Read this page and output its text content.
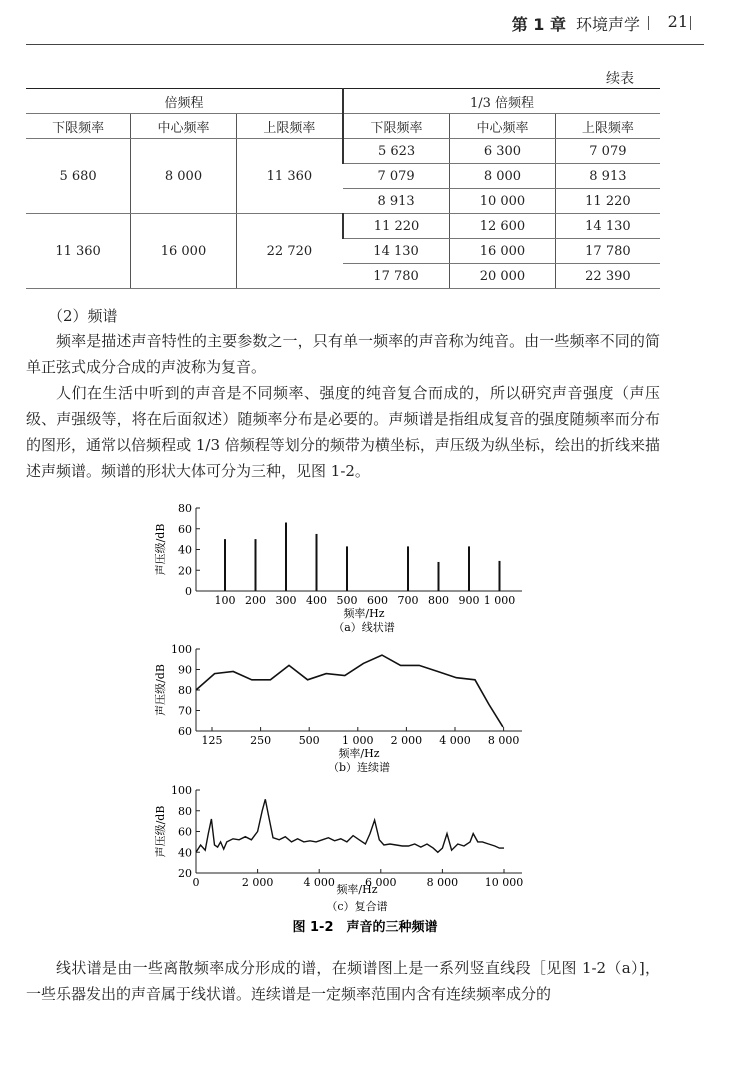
第 1 章 环境声学 21
续表
倍频程			1/3 倍频程		
下限频率	中心频率	上限频率	下限频率	中心频率	上限频率
5 680	8 000	11 360	5 623	6 300	7 079
			7 079	8 000	8 913
			8 913	10 000	11 220
11 360	16 000	22 720	11 220	12 600	14 130
			14 130	16 000	17 780
			17 780	20 000	22 390
（2）频谱

频率是描述声音特性的主要参数之一，只有单一频率的声音称为纯音。由一些频率不同的简单正弦式成分合成的声波称为复音。

人们在生活中听到的声音是不同频率、强度的纯音复合而成的，所以研究声音强度（声压级、声强级等，将在后面叙述）随频率分布是必要的。声频谱是指组成复音的强度随频率而分布的图形，通常以倍频程或 1/3 倍频程等划分的频带为横坐标，声压级为纵坐标，绘出的折线来描述声频谱。频谱的形状大体可分为三种，见图 1-2。

0
20
40
60
80
声压级/dB
100 200 300 400 500 600 700 800 900 1 000
频率/Hz
（a）线状谱
60
70
80
90
100
声压级/dB
125	250	500 1 000 2 000 4 000 8 000
频率/Hz
（b）连续谱
20
40
60
80
100
声压级/dB
0	2 000	4 000	6 000	8 000 10 000
频率/Hz
（c）复合谱
图 1-2　声音的三种频谱

线状谱是由一些离散频率成分形成的谱，在频谱图上是一系列竖直线段［见图 1-2（a）]，一些乐器发出的声音属于线状谱。连续谱是一定频率范围内含有连续频率成分的
